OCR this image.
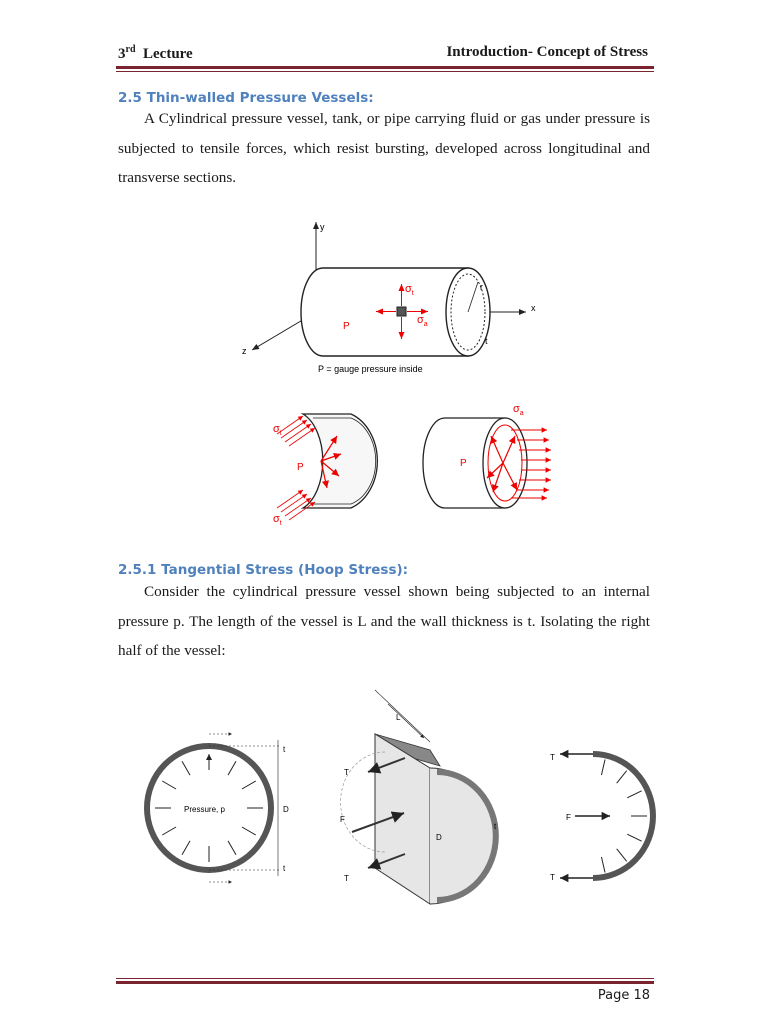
3rd Lecture	Introduction- Concept of Stress
2.5 Thin-walled Pressure Vessels:
A Cylindrical pressure vessel, tank, or pipe carrying fluid or gas under pressure is subjected to tensile forces, which resist bursting, developed across longitudinal and transverse sections.
y
x
z
r
t
$\sigma_t$
$\sigma_a$
P
P = gauge pressure inside
$\sigma_t$
$\sigma_t$
P
$\sigma_a$
P
2.5.1 Tangential Stress (Hoop Stress):
Consider the cylindrical pressure vessel shown being subjected to an internal pressure p. The length of the vessel is L and the wall thickness is t. Isolating the right half of the vessel:
Pressure, p	D
t
t
L
T
T
F
D
t
T
T
F
Page 18
